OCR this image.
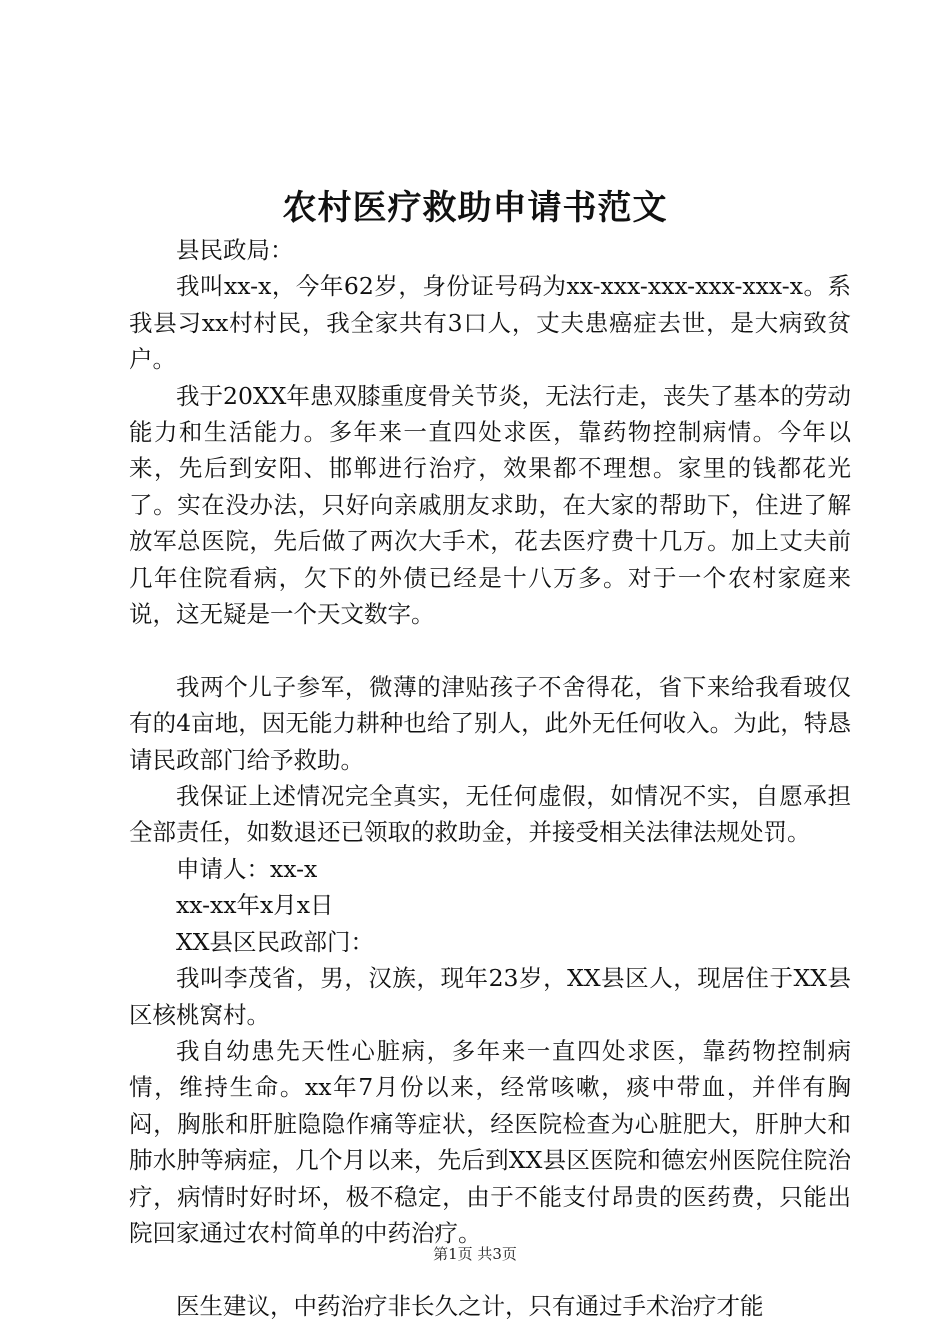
农村医疗救助申请书范文

县民政局：

我叫xx-x，今年62岁，身份证号码为xx-xxx-xxx-xxx-xxx-x。系我县习xx村村民，我全家共有3口人，丈夫患癌症去世，是大病致贫户。

我于20XX年患双膝重度骨关节炎，无法行走，丧失了基本的劳动能力和生活能力。多年来一直四处求医，靠药物控制病情。今年以来，先后到安阳、邯郸进行治疗，效果都不理想。家里的钱都花光了。实在没办法，只好向亲戚朋友求助，在大家的帮助下，住进了解放军总医院，先后做了两次大手术，花去医疗费十几万。加上丈夫前几年住院看病，欠下的外债已经是十八万多。对于一个农村家庭来说，这无疑是一个天文数字。

我两个儿子参军，微薄的津贴孩子不舍得花，省下来给我看玻仅有的4亩地，因无能力耕种也给了别人，此外无任何收入。为此，特恳请民政部门给予救助。

我保证上述情况完全真实，无任何虚假，如情况不实，自愿承担全部责任，如数退还已领取的救助金，并接受相关法律法规处罚。

申请人：xx-x

xx-xx年x月x日

XX县区民政部门：

我叫李茂省，男，汉族，现年23岁，XX县区人，现居住于XX县区核桃窝村。

我自幼患先天性心脏病，多年来一直四处求医，靠药物控制病情，维持生命。xx年7月份以来，经常咳嗽，痰中带血，并伴有胸闷，胸胀和肝脏隐隐作痛等症状，经医院检查为心脏肥大，肝肿大和肺水肿等病症，几个月以来，先后到XX县区医院和德宏州医院住院治疗，病情时好时坏，极不稳定，由于不能支付昂贵的医药费，只能出院回家通过农村简单的中药治疗。

医生建议，中药治疗非长久之计，只有通过手术治疗才能

第1页 共3页
